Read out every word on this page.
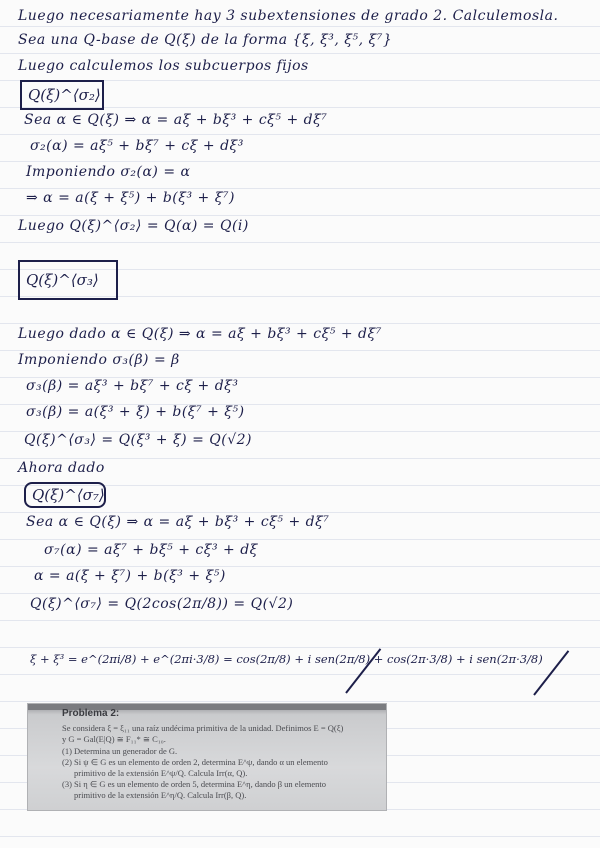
Luego necesariamente hay 3 subextensiones de grado 2. Calculemosla.
Sea una Q-base de Q(ξ) de la forma {ξ, ξ³, ξ⁵, ξ⁷}
Luego calculemos los subcuerpos fijos
Q(ξ)^⟨σ₂⟩
Sea α ∈ Q(ξ) ⇒ α = aξ + bξ³ + cξ⁵ + dξ⁷
σ₂(α) = aξ⁵ + bξ⁷ + cξ + dξ³
Imponiendo σ₂(α) = α
⇒ α = a(ξ + ξ⁵) + b(ξ³ + ξ⁷)
Luego Q(ξ)^⟨σ₂⟩ = Q(α) = Q(i)
Q(ξ)^⟨σ₃⟩
Luego dado α ∈ Q(ξ) ⇒ α = aξ + bξ³ + cξ⁵ + dξ⁷
Imponiendo σ₃(β) = β
σ₃(β) = aξ³ + bξ⁷ + cξ + dξ³
σ₃(β) = a(ξ³ + ξ) + b(ξ⁷ + ξ⁵)
Q(ξ)^⟨σ₃⟩ = Q(ξ³ + ξ) = Q(√2)
Ahora dado
Q(ξ)^⟨σ₇⟩
Sea α ∈ Q(ξ) ⇒ α = aξ + bξ³ + cξ⁵ + dξ⁷
σ₇(α) = aξ⁷ + bξ⁵ + cξ³ + dξ
α = a(ξ + ξ⁷) + b(ξ³ + ξ⁵)
Q(ξ)^⟨σ₇⟩ = Q(2cos(2π/8)) = Q(√2)
ξ + ξ³ = e^(2πi/8) + e^(2πi·3/8) = cos(2π/8) + i sen(2π/8) + cos(2π·3/8) + i sen(2π·3/8)
Problema 2:
Se considera ξ = ξ₁₁ una raíz undécima primitiva de la unidad. Definimos E = Q(ξ)
y G = Gal(E|Q) ≅ F₁₁* ≅ C₁₀.
(1) Determina un generador de G.
(2) Si ψ ∈ G es un elemento de orden 2, determina E^ψ, dando α un elemento
primitivo de la extensión E^ψ/Q. Calcula Irr(α, Q).
(3) Si η ∈ G es un elemento de orden 5, determina E^η, dando β un elemento
primitivo de la extensión E^η/Q. Calcula Irr(β, Q).
